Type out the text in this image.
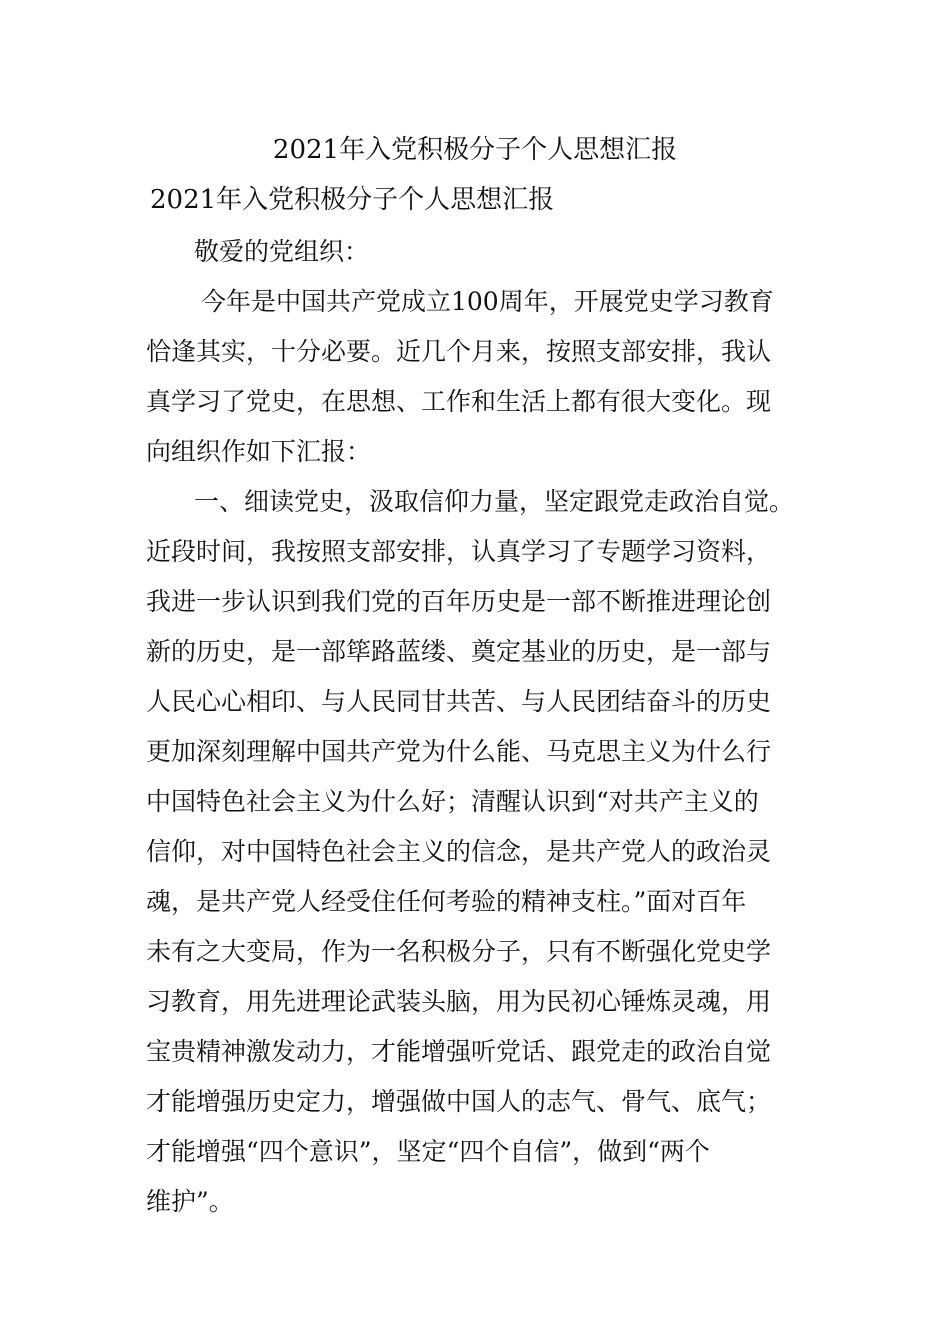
2021年入党积极分子个人思想汇报
2021年入党积极分子个人思想汇报
敬爱的党组织：
今年是中国共产党成立100周年，开展党史学习教育
恰逢其实，十分必要。近几个月来，按照支部安排，我认
真学习了党史，在思想、工作和生活上都有很大变化。现
向组织作如下汇报：
一、细读党史，汲取信仰力量，坚定跟党走政治自觉。
近段时间，我按照支部安排，认真学习了专题学习资料，
我进一步认识到我们党的百年历史是一部不断推进理论创
新的历史，是一部筚路蓝缕、奠定基业的历史，是一部与
人民心心相印、与人民同甘共苦、与人民团结奋斗的历史
更加深刻理解中国共产党为什么能、马克思主义为什么行
中国特色社会主义为什么好；清醒认识到“对共产主义的
信仰，对中国特色社会主义的信念，是共产党人的政治灵
魂，是共产党人经受住任何考验的精神支柱。”面对百年
未有之大变局，作为一名积极分子，只有不断强化党史学
习教育，用先进理论武装头脑，用为民初心锤炼灵魂，用
宝贵精神激发动力，才能增强听党话、跟党走的政治自觉
才能增强历史定力，增强做中国人的志气、骨气、底气；
才能增强“四个意识”，坚定“四个自信”，做到“两个
维护”。
